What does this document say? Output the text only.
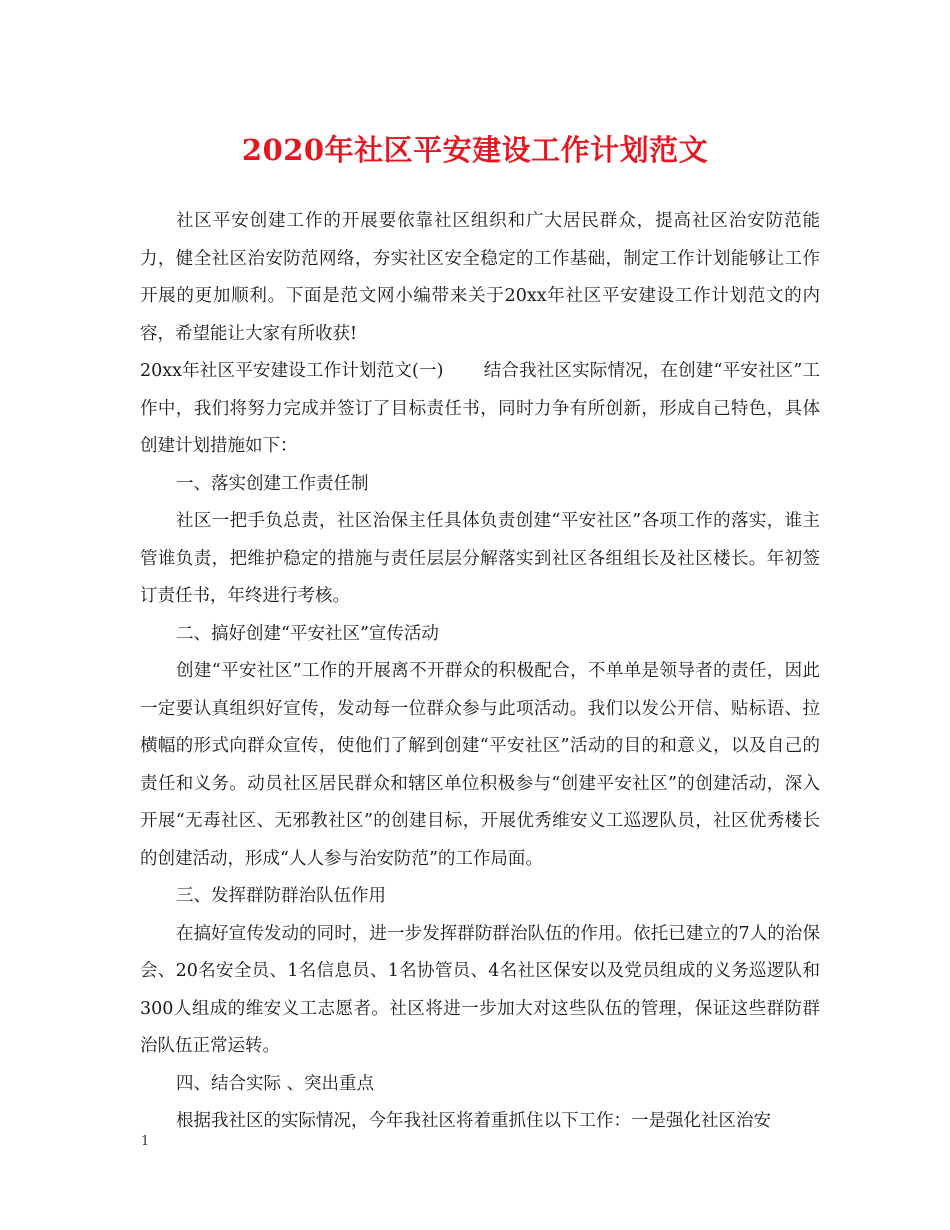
2020年社区平安建设工作计划范文

社区平安创建工作的开展要依靠社区组织和广大居民群众，提高社区治安防范能力，健全社区治安防范网络，夯实社区安全稳定的工作基础，制定工作计划能够让工作开展的更加顺利。下面是范文网小编带来关于20xx年社区平安建设工作计划范文的内容，希望能让大家有所收获!

20xx年社区平安建设工作计划范文(一) 结合我社区实际情况，在创建“平安社区”工作中，我们将努力完成并签订了目标责任书，同时力争有所创新，形成自己特色，具体创建计划措施如下：

一、落实创建工作责任制

社区一把手负总责，社区治保主任具体负责创建“平安社区”各项工作的落实，谁主管谁负责，把维护稳定的措施与责任层层分解落实到社区各组组长及社区楼长。年初签订责任书，年终进行考核。

二、搞好创建“平安社区”宣传活动

创建“平安社区”工作的开展离不开群众的积极配合，不单单是领导者的责任，因此一定要认真组织好宣传，发动每一位群众参与此项活动。我们以发公开信、贴标语、拉横幅的形式向群众宣传，使他们了解到创建“平安社区”活动的目的和意义，以及自己的责任和义务。动员社区居民群众和辖区单位积极参与“创建平安社区”的创建活动，深入开展“无毒社区、无邪教社区”的创建目标，开展优秀维安义工巡逻队员，社区优秀楼长的创建活动，形成“人人参与治安防范”的工作局面。

三、发挥群防群治队伍作用

在搞好宣传发动的同时，进一步发挥群防群治队伍的作用。依托已建立的7人的治保会、20名安全员、1名信息员、1名协管员、4名社区保安以及党员组成的义务巡逻队和300人组成的维安义工志愿者。社区将进一步加大对这些队伍的管理，保证这些群防群治队伍正常运转。

四、结合实际 、突出重点

根据我社区的实际情况，今年我社区将着重抓住以下工作：一是强化社区治安

1
